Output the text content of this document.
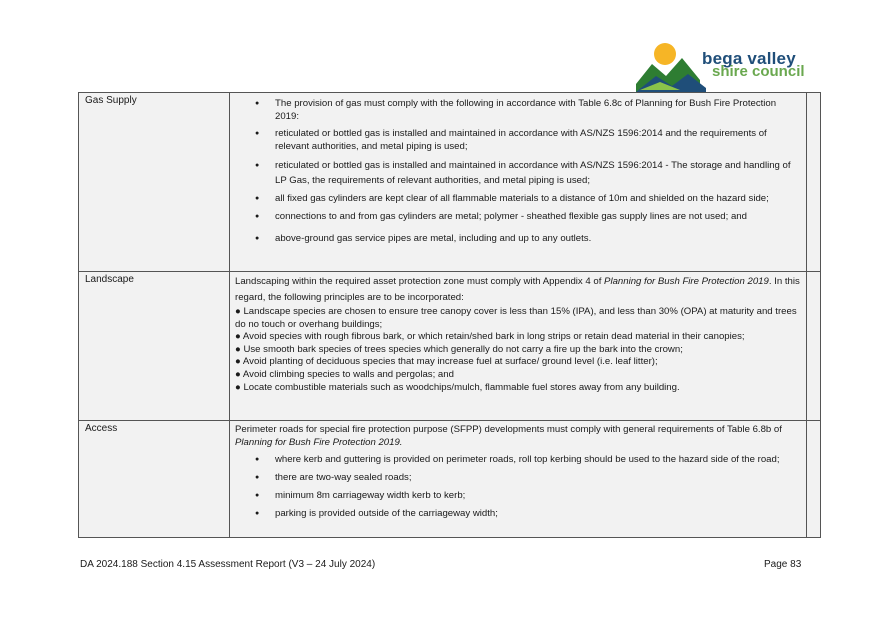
bega valley
shire council
Gas Supply
●	The provision of gas must comply with the following in accordance with Table 6.8c of Planning for Bush Fire Protection 2019:
● reticulated or bottled gas is installed and maintained in accordance with AS/NZS 1596:2014 and the requirements of relevant authorities, and metal piping is used;
● reticulated or bottled gas is installed and maintained in accordance with AS/NZS 1596:2014 ‐ The storage and handling of LP Gas, the requirements of relevant authorities, and metal piping is used;
● all fixed gas cylinders are kept clear of all flammable materials to a distance of 10m and shielded on the hazard side;
● connections to and from gas cylinders are metal; polymer ‐ sheathed flexible gas supply lines are not used; and
● above-ground gas service pipes are metal, including and up to any outlets.
Landscape	Landscaping within the required asset protection zone must comply with Appendix 4 of Planning for Bush Fire Protection 2019. In this regard, the following principles are to be incorporated:

● Landscape species are chosen to ensure tree canopy cover is less than 15% (IPA), and less than 30% (OPA) at maturity and trees do no touch or overhang buildings;

● Avoid species with rough fibrous bark, or which retain/shed bark in long strips or retain dead material in their canopies;

● Use smooth bark species of trees species which generally do not carry a fire up the bark into the crown;

● Avoid planting of deciduous species that may increase fuel at surface/ ground level (i.e. leaf litter);

● Avoid climbing species to walls and pergolas; and

● Locate combustible materials such as woodchips/mulch, flammable fuel stores away from any building.

Access	Perimeter roads for special fire protection purpose (SFPP) developments must comply with general requirements of Table 6.8b of Planning for Bush Fire Protection 2019.

● where kerb and guttering is provided on perimeter roads, roll top kerbing should be used to the hazard side of the road;
● there are two-way sealed roads;
● minimum 8m carriageway width kerb to kerb;
● parking is provided outside of the carriageway width;
DA 2024.188 Section 4.15 Assessment Report (V3 – 24 July 2024)	Page 83
